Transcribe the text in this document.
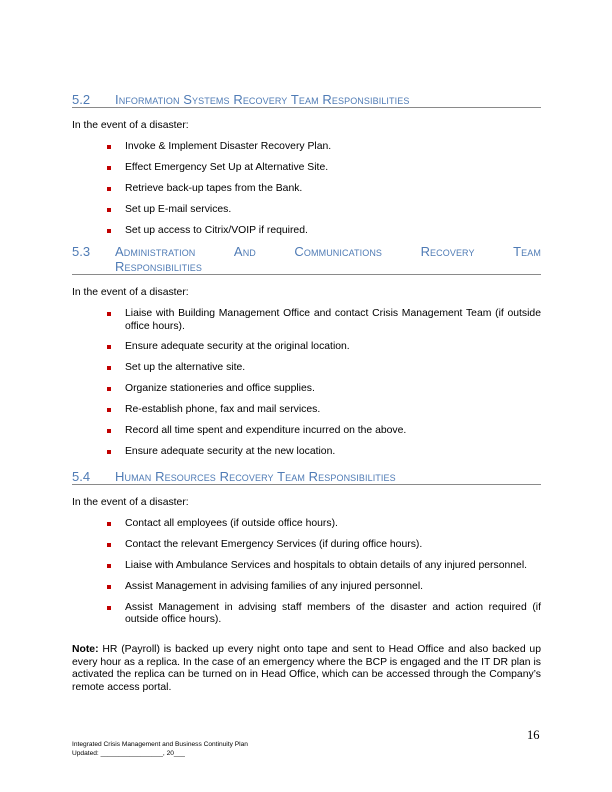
5.2 Information Systems Recovery Team Responsibilities
In the event of a disaster:
Invoke & Implement Disaster Recovery Plan.
Effect Emergency Set Up at Alternative Site.
Retrieve back-up tapes from the Bank.
Set up E-mail services.
Set up access to Citrix/VOIP if required.
5.3 Administration	And	Communications	Recovery	Team
Responsibilities
In the event of a disaster:
Liaise with Building Management Office and contact Crisis Management Team (if outside office hours).
Ensure adequate security at the original location.
Set up the alternative site.
Organize stationeries and office supplies.
Re-establish phone, fax and mail services.
Record all time spent and expenditure incurred on the above.
Ensure adequate security at the new location.
5.4 Human Resources Recovery Team Responsibilities
In the event of a disaster:
Contact all employees (if outside office hours).
Contact the relevant Emergency Services (if during office hours).
Liaise with Ambulance Services and hospitals to obtain details of any injured personnel.
Assist Management in advising families of any injured personnel.
Assist Management in advising staff members of the disaster and action required (if outside office hours).
Note: HR (Payroll) is backed up every night onto tape and sent to Head Office and also backed up every hour as a replica. In the case of an emergency where the BCP is engaged and the IT DR plan is activated the replica can be turned on in Head Office, which can be accessed through the Company’s remote access portal.
16
Integrated Crisis Management and Business Continuity Plan
Updated: _________________, 20___
